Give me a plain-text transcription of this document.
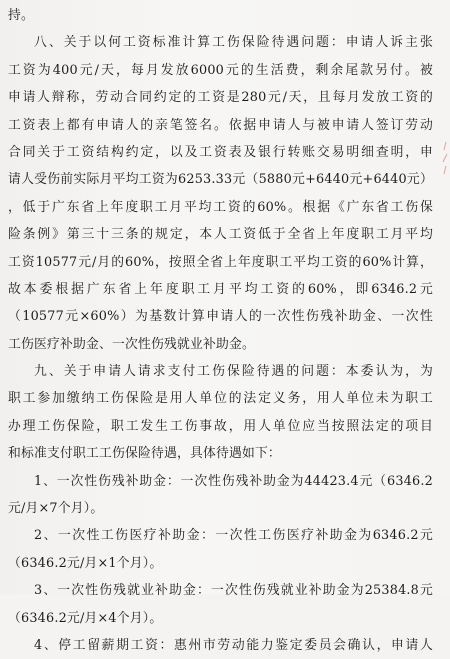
持。
八、关于以何工资标准计算工伤保险待遇问题：申请人诉主张
工资为400元/天，每月发放6000元的生活费，剩余尾款另付。被
申请人辩称，劳动合同约定的工资是280元/天，且每月发放工资的
工资表上都有申请人的亲笔签名。依据申请人与被申请人签订劳动
合同关于工资结构约定，以及工资表及银行转账交易明细查明，申
请人受伤前实际月平均工资为6253.33元（5880元+6440元+6440元）
，低于广东省上年度职工月平均工资的60%。根据《广东省工伤保
险条例》第三十三条的规定，本人工资低于全省上年度职工月平均
工资10577元/月的60%，按照全省上年度职工平均工资的60%计算，
故本委根据广东省上年度职工月平均工资的60%，即6346.2元
（10577元×60%）为基数计算申请人的一次性伤残补助金、一次性
工伤医疗补助金、一次性伤残就业补助金。
九、关于申请人请求支付工伤保险待遇的问题：本委认为，为
职工参加缴纳工伤保险是用人单位的法定义务，用人单位未为职工
办理工伤保险，职工发生工伤事故，用人单位应当按照法定的项目
和标准支付职工工伤保险待遇，具体待遇如下：
1、一次性伤残补助金：一次性伤残补助金为44423.4元（6346.2
元/月×7个月）。
2、一次性工伤医疗补助金：一次性工伤医疗补助金为6346.2元
（6346.2元/月×1个月）。
3、一次性伤残就业补助金：一次性伤残就业补助金为25384.8元
（6346.2元/月×4个月）。
4、停工留薪期工资：惠州市劳动能力鉴定委员会确认，申请人
